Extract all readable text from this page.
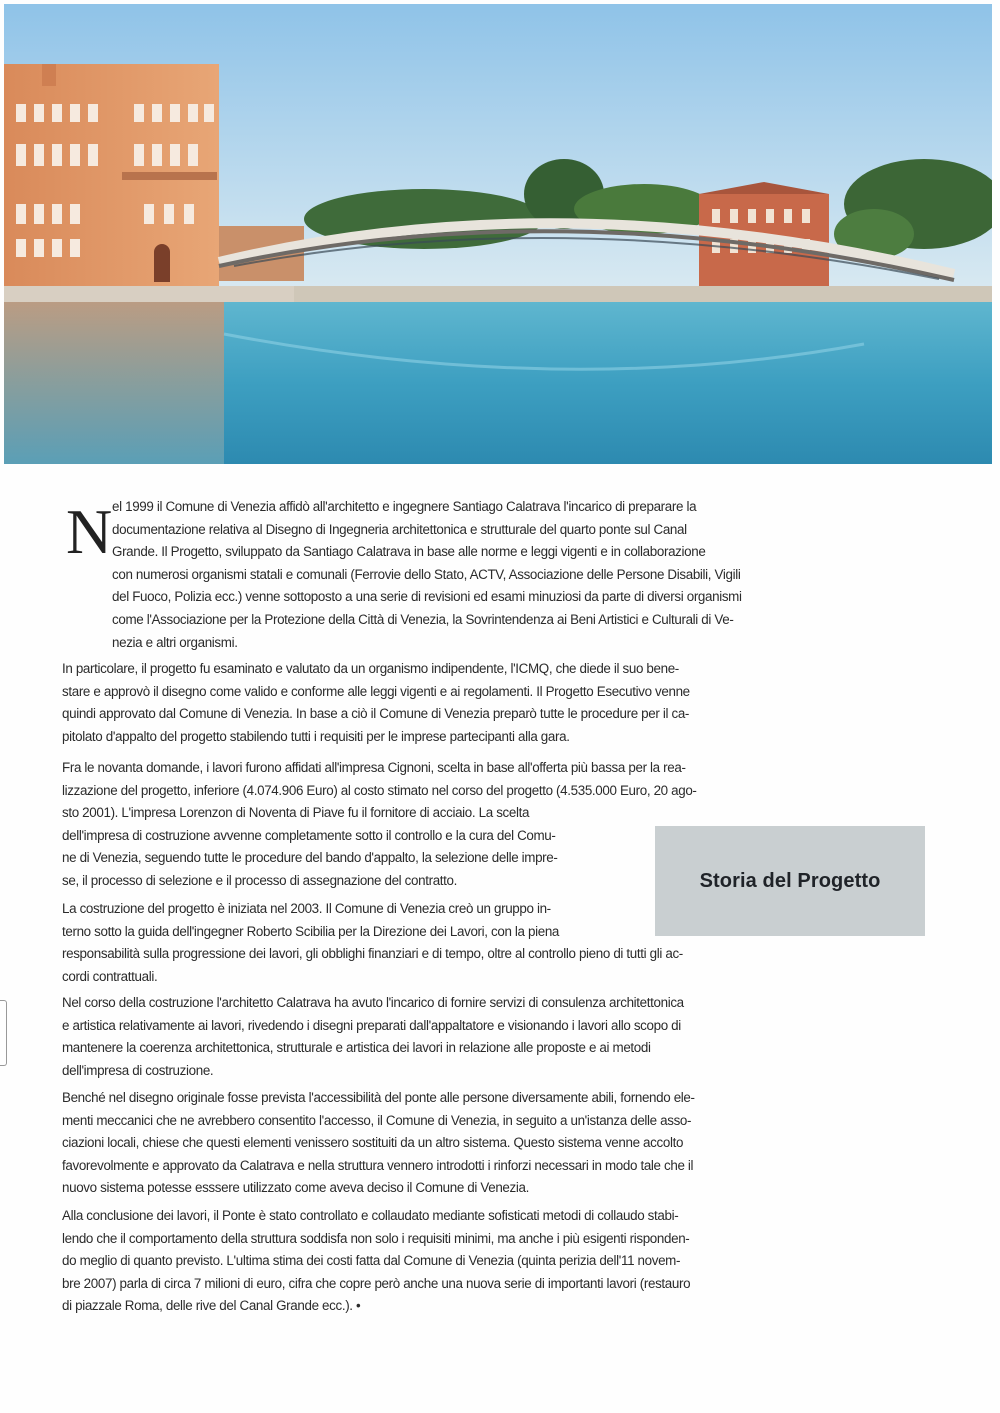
N el 1999 il Comune di Venezia affidò all'architetto e ingegnere Santiago Calatrava l'incarico di preparare la
documentazione relativa al Disegno di Ingegneria architettonica e strutturale del quarto ponte sul Canal
Grande. Il Progetto, sviluppato da Santiago Calatrava in base alle norme e leggi vigenti e in collaborazione
con numerosi organismi statali e comunali (Ferrovie dello Stato, ACTV, Associazione delle Persone Disabili, Vigili
del Fuoco, Polizia ecc.) venne sottoposto a una serie di revisioni ed esami minuziosi da parte di diversi organismi
come l'Associazione per la Protezione della Città di Venezia, la Sovrintendenza ai Beni Artistici e Culturali di Ve-
nezia e altri organismi.
In particolare, il progetto fu esaminato e valutato da un organismo indipendente, l'ICMQ, che diede il suo bene-
stare e approvò il disegno come valido e conforme alle leggi vigenti e ai regolamenti. Il Progetto Esecutivo venne
quindi approvato dal Comune di Venezia. In base a ciò il Comune di Venezia preparò tutte le procedure per il ca-
pitolato d'appalto del progetto stabilendo tutti i requisiti per le imprese partecipanti alla gara.
Fra le novanta domande, i lavori furono affidati all'impresa Cignoni, scelta in base all'offerta più bassa per la rea-
lizzazione del progetto, inferiore (4.074.906 Euro) al costo stimato nel corso del progetto (4.535.000 Euro, 20 ago-
sto 2001). L'impresa Lorenzon di Noventa di Piave fu il fornitore di acciaio. La scelta
dell'impresa di costruzione avvenne completamente sotto il controllo e la cura del Comu-
ne di Venezia, seguendo tutte le procedure del bando d'appalto, la selezione delle impre-
se, il processo di selezione e il processo di assegnazione del contratto.
La costruzione del progetto è iniziata nel 2003. Il Comune di Venezia creò un gruppo in-
terno sotto la guida dell'ingegner Roberto Scibilia per la Direzione dei Lavori, con la piena
responsabilità sulla progressione dei lavori, gli obblighi finanziari e di tempo, oltre al controllo pieno di tutti gli ac-
cordi contrattuali.
Nel corso della costruzione l'architetto Calatrava ha avuto l'incarico di fornire servizi di consulenza architettonica
e artistica relativamente ai lavori, rivedendo i disegni preparati dall'appaltatore e visionando i lavori allo scopo di
mantenere la coerenza architettonica, strutturale e artistica dei lavori in relazione alle proposte e ai metodi
dell'impresa di costruzione.
Benché nel disegno originale fosse prevista l'accessibilità del ponte alle persone diversamente abili, fornendo ele-
menti meccanici che ne avrebbero consentito l'accesso, il Comune di Venezia, in seguito a un'istanza delle asso-
ciazioni locali, chiese che questi elementi venissero sostituiti da un altro sistema. Questo sistema venne accolto
favorevolmente e approvato da Calatrava e nella struttura vennero introdotti i rinforzi necessari in modo tale che il
nuovo sistema potesse esssere utilizzato come aveva deciso il Comune di Venezia.
Alla conclusione dei lavori, il Ponte è stato controllato e collaudato mediante sofisticati metodi di collaudo stabi-
lendo che il comportamento della struttura soddisfa non solo i requisiti minimi, ma anche i più esigenti risponden-
do meglio di quanto previsto. L'ultima stima dei costi fatta dal Comune di Venezia (quinta perizia dell'11 novem-
bre 2007) parla di circa 7 milioni di euro, cifra che copre però anche una nuova serie di importanti lavori (restauro
di piazzale Roma, delle rive del Canal Grande ecc.). •
Storia del Progetto
